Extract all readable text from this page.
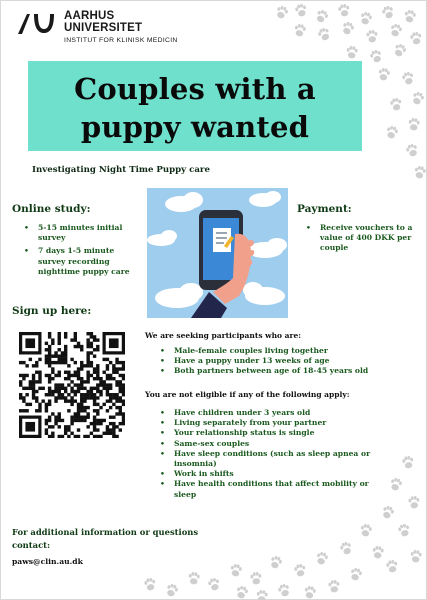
AARHUS
UNIVERSITET
INSTITUT FOR KLINISK MEDICIN
Couples with a
puppy wanted
Investigating Night Time Puppy care
Online study:
• 5-15 minutes initial survey
• 7 days 1-5 minute survey recording nighttime puppy care
Payment:
• Receive vouchers to a value of 400 DKK per couple
Sign up here:
We are seeking participants who are:
• Male-female couples living together
• Have a puppy under 13 weeks of age
• Both partners between age of 18-45 years old
You are not eligible if any of the following apply:
• Have children under 3 years old
• Living separately from your partner
• Your relationship status is single
• Same-sex couples
• Have sleep conditions (such as sleep apnea or insomnia)
• Work in shifts
• Have health conditions that affect mobility or sleep
For additional information or questions contact:
paws@clin.au.dk
